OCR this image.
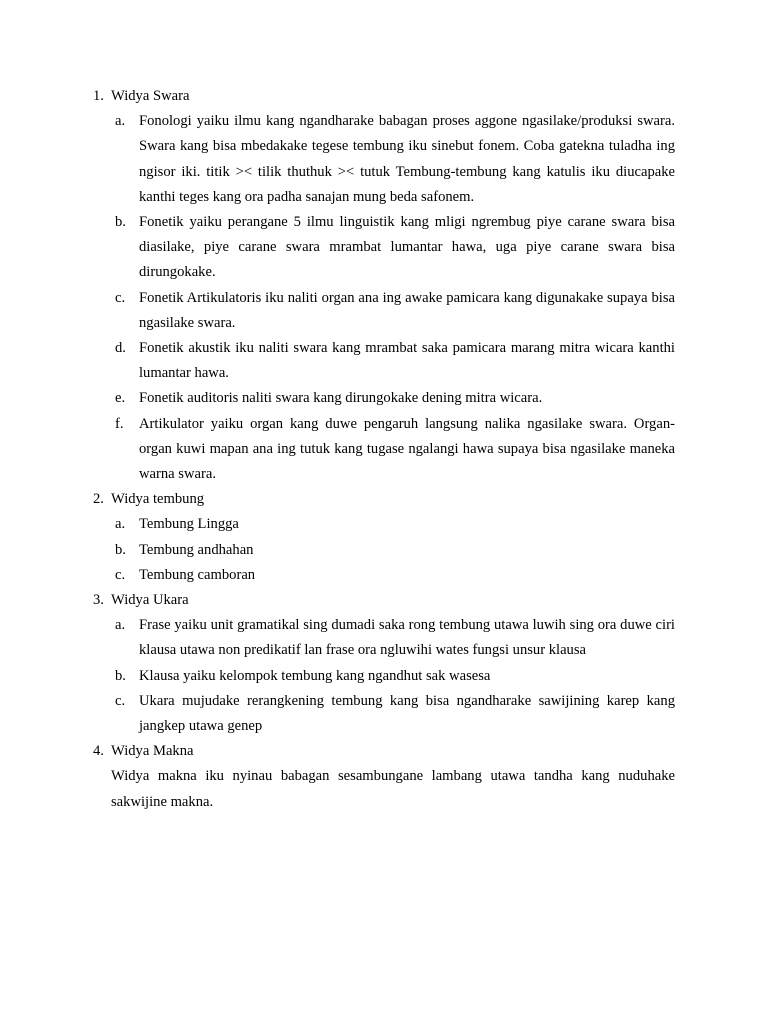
1. Widya Swara
a. Fonologi yaiku ilmu kang ngandharake babagan proses aggone ngasilake/produksi swara. Swara kang bisa mbedakake tegese tembung iku sinebut fonem. Coba gatekna tuladha ing ngisor iki. titik >< tilik thuthuk >< tutuk Tembung-tembung kang katulis iku diucapake kanthi teges kang ora padha sanajan mung beda safonem.
b. Fonetik yaiku perangane 5 ilmu linguistik kang mligi ngrembug piye carane swara bisa diasilake, piye carane swara mrambat lumantar hawa, uga piye carane swara bisa dirungokake.
c. Fonetik Artikulatoris iku naliti organ ana ing awake pamicara kang digunakake supaya bisa ngasilake swara.
d. Fonetik akustik iku naliti swara kang mrambat saka pamicara marang mitra wicara kanthi lumantar hawa.
e. Fonetik auditoris naliti swara kang dirungokake dening mitra wicara.
f. Artikulator yaiku organ kang duwe pengaruh langsung nalika ngasilake swara. Organ-organ kuwi mapan ana ing tutuk kang tugase ngalangi hawa supaya bisa ngasilake maneka warna swara.
2. Widya tembung
a. Tembung Lingga
b. Tembung andhahan
c. Tembung camboran
3. Widya Ukara
a. Frase yaiku unit gramatikal sing dumadi saka rong tembung utawa luwih sing ora duwe ciri klausa utawa non predikatif lan frase ora ngluwihi wates fungsi unsur klausa
b. Klausa yaiku kelompok tembung kang ngandhut sak wasesa
c. Ukara mujudake rerangkening tembung kang bisa ngandharake sawijining karep kang jangkep utawa genep
4. Widya Makna
Widya makna iku nyinau babagan sesambungane lambang utawa tandha kang nuduhake sakwijine makna.
